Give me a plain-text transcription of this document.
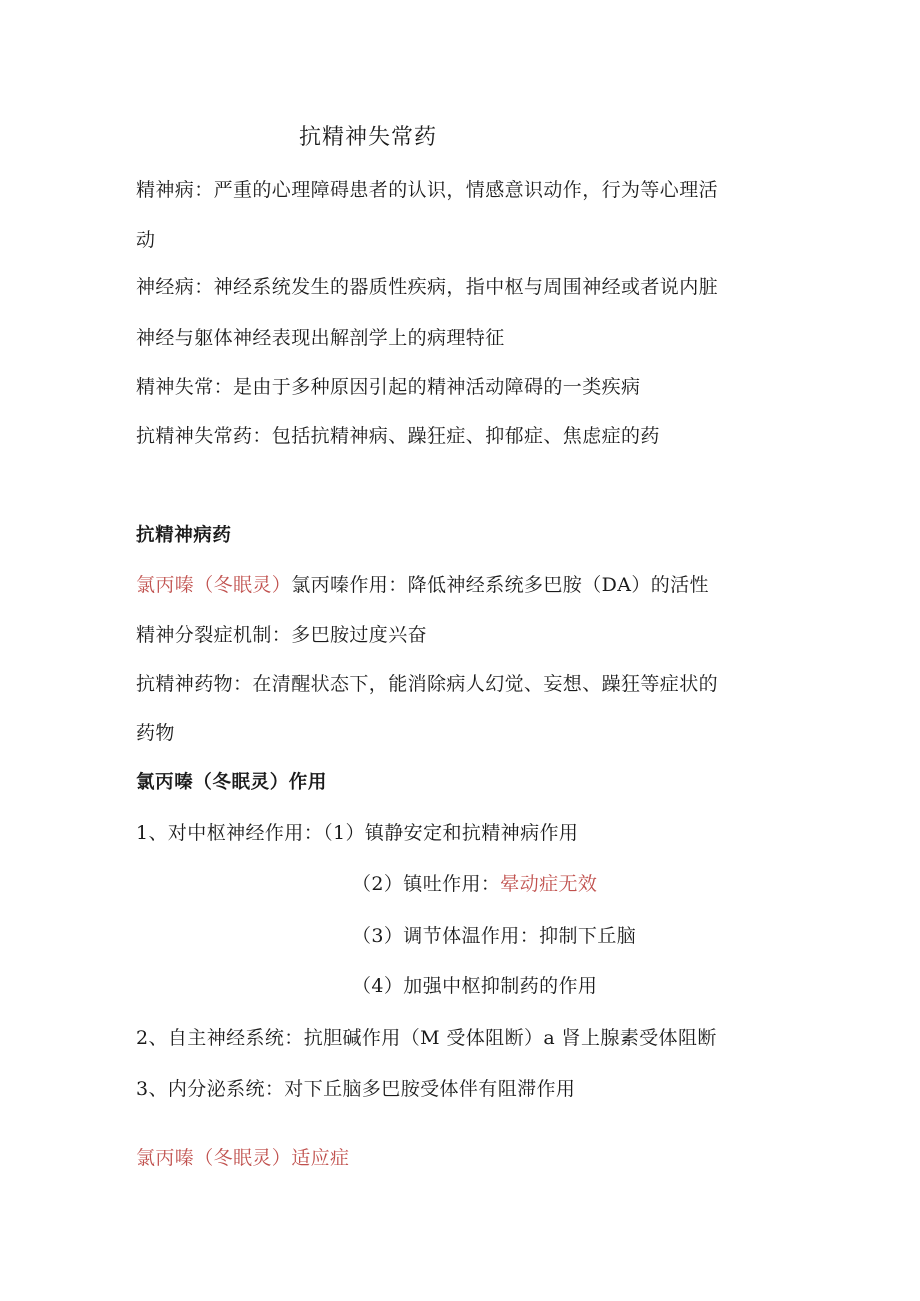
抗精神失常药
精神病：严重的心理障碍患者的认识，情感意识动作，行为等心理活
动
神经病：神经系统发生的器质性疾病，指中枢与周围神经或者说内脏
神经与躯体神经表现出解剖学上的病理特征
精神失常：是由于多种原因引起的精神活动障碍的一类疾病
抗精神失常药：包括抗精神病、躁狂症、抑郁症、焦虑症的药
抗精神病药
氯丙嗪（冬眠灵）氯丙嗪作用：降低神经系统多巴胺（DA）的活性
精神分裂症机制：多巴胺过度兴奋
抗精神药物：在清醒状态下，能消除病人幻觉、妄想、躁狂等症状的
药物
氯丙嗪（冬眠灵）作用
1、对中枢神经作用：（1）镇静安定和抗精神病作用
（2）镇吐作用：晕动症无效
（3）调节体温作用：抑制下丘脑
（4）加强中枢抑制药的作用
2、自主神经系统：抗胆碱作用（M 受体阻断）a 肾上腺素受体阻断
3、内分泌系统：对下丘脑多巴胺受体伴有阻滞作用
氯丙嗪（冬眠灵）适应症
